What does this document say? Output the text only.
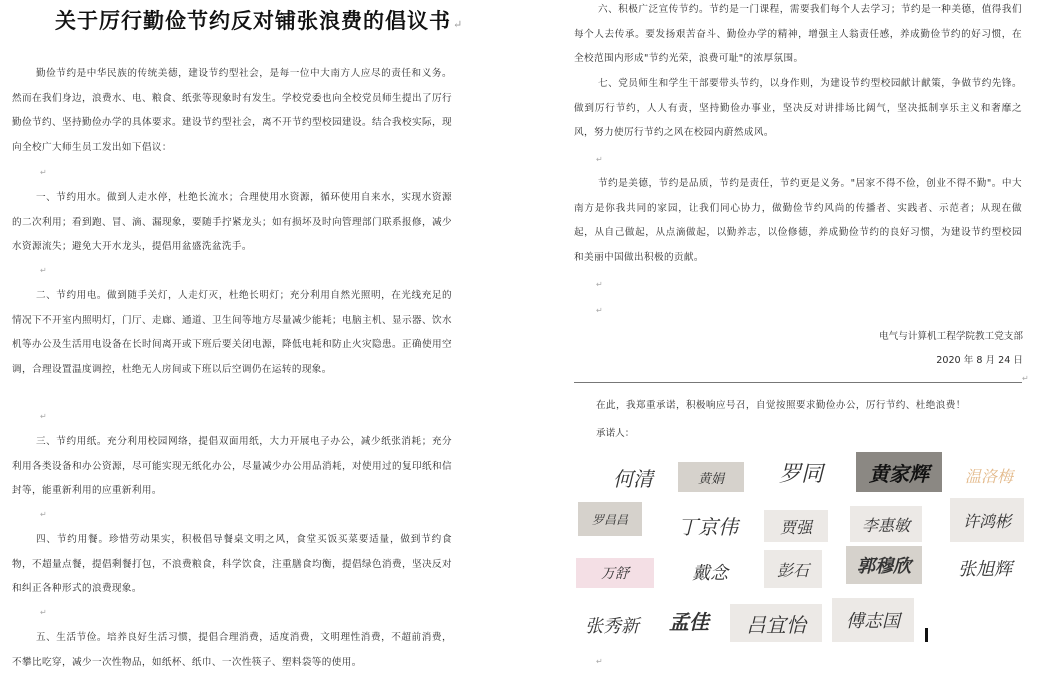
关于厉行勤俭节约反对铺张浪费的倡议书 ↵

勤俭节约是中华民族的传统美德，建设节约型社会，是每一位中大南方人应尽的责任和义务。然而在我们身边，浪费水、电、粮食、纸张等现象时有发生。学校党委也向全校党员师生提出了厉行勤俭节约、坚持勤俭办学的具体要求。建设节约型社会，离不开节约型校园建设。结合我校实际，现向全校广大师生员工发出如下倡议：

↵

一、节约用水。做到人走水停，杜绝长流水；合理使用水资源，循环使用自来水，实现水资源的二次利用；看到跑、冒、滴、漏现象，要随手拧紧龙头；如有损坏及时向管理部门联系报修，减少水资源流失；避免大开水龙头，提倡用盆盛洗盆洗手。

↵

二、节约用电。做到随手关灯，人走灯灭，杜绝长明灯；充分利用自然光照明，在光线充足的情况下不开室内照明灯，门厅、走廊、通道、卫生间等地方尽量减少能耗；电脑主机、显示器、饮水机等办公及生活用电设备在长时间离开或下班后要关闭电源，降低电耗和防止火灾隐患。正确使用空调，合理设置温度调控，杜绝无人房间或下班以后空调仍在运转的现象。

↵

三、节约用纸。充分利用校园网络，提倡双面用纸，大力开展电子办公，减少纸张消耗；充分利用各类设备和办公资源，尽可能实现无纸化办公，尽量减少办公用品消耗，对使用过的复印纸和信封等，能重新利用的应重新利用。

↵

四、节约用餐。珍惜劳动果实，积极倡导餐桌文明之风，食堂买饭买菜要适量，做到节约食物，不超量点餐，提倡剩餐打包，不浪费粮食，科学饮食，注重膳食均衡，提倡绿色消费，坚决反对和纠正各种形式的浪费现象。

↵

五、生活节俭。培养良好生活习惯，提倡合理消费，适度消费，文明理性消费，不超前消费，不攀比吃穿，减少一次性物品，如纸杯、纸巾、一次性筷子、塑料袋等的使用。

六、积极广泛宣传节约。节约是一门课程，需要我们每个人去学习；节约是一种美德，值得我们每个人去传承。要发扬艰苦奋斗、勤俭办学的精神，增强主人翁责任感，养成勤俭节约的好习惯，在全校范围内形成"节约光荣，浪费可耻"的浓厚氛围。

七、党员师生和学生干部要带头节约，以身作则，为建设节约型校园献计献策，争做节约先锋。做到厉行节约，人人有责，坚持勤俭办事业，坚决反对讲排场比阔气，坚决抵制享乐主义和奢靡之风，努力使厉行节约之风在校园内蔚然成风。

↵

节约是美德，节约是品质，节约是责任，节约更是义务。"居家不得不俭，创业不得不勤"。中大南方是你我共同的家园，让我们同心协力，做勤俭节约风尚的传播者、实践者、示范者；从现在做起，从自己做起，从点滴做起，以勤养志，以俭修德，养成勤俭节约的良好习惯，为建设节约型校园和美丽中国做出积极的贡献。

↵
↵
电气与计算机工程学院教工党支部
2020 年 8 月 24 日
↵
在此，我郑重承诺，积极响应号召，自觉按照要求勤俭办公，厉行节约、杜绝浪费！
承诺人：
何清	黄娟	罗同	黄家辉	温洛梅
罗昌昌	丁京伟	贾强	李惠敏	许鸿彬
万舒	戴念	彭石	郭穆欣	张旭辉
张秀新	孟佳	吕宜怡	傅志国
↵
